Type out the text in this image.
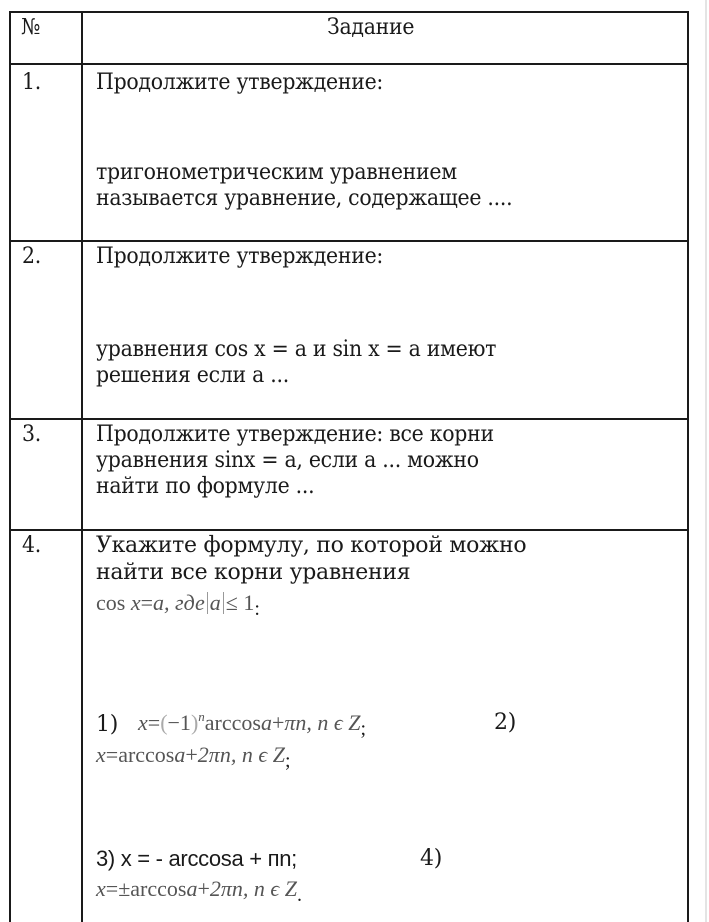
№	Задание
1.	Продолжите утверждение:
тригонометрическим уравнением
называется уравнение, содержащее ....
2.	Продолжите утверждение:
уравнения cos x = a и sin x = a имеют
решения если a ...
3.	Продолжите утверждение: все корни
уравнения sinx = a, если a ... можно
найти по формуле ...
4.	Укажите формулу, по которой можно
найти все корни уравнения
cos x=a, где a ≤ 1:
1) $x=(-1)^n\arccos a+\pi n$, n ϵ Z;	2)
x=arccosa+2πn, n ϵ Z;
3) x = - arccosa + пn;	4)
x=±arccosa+2πn, n ϵ Z.
